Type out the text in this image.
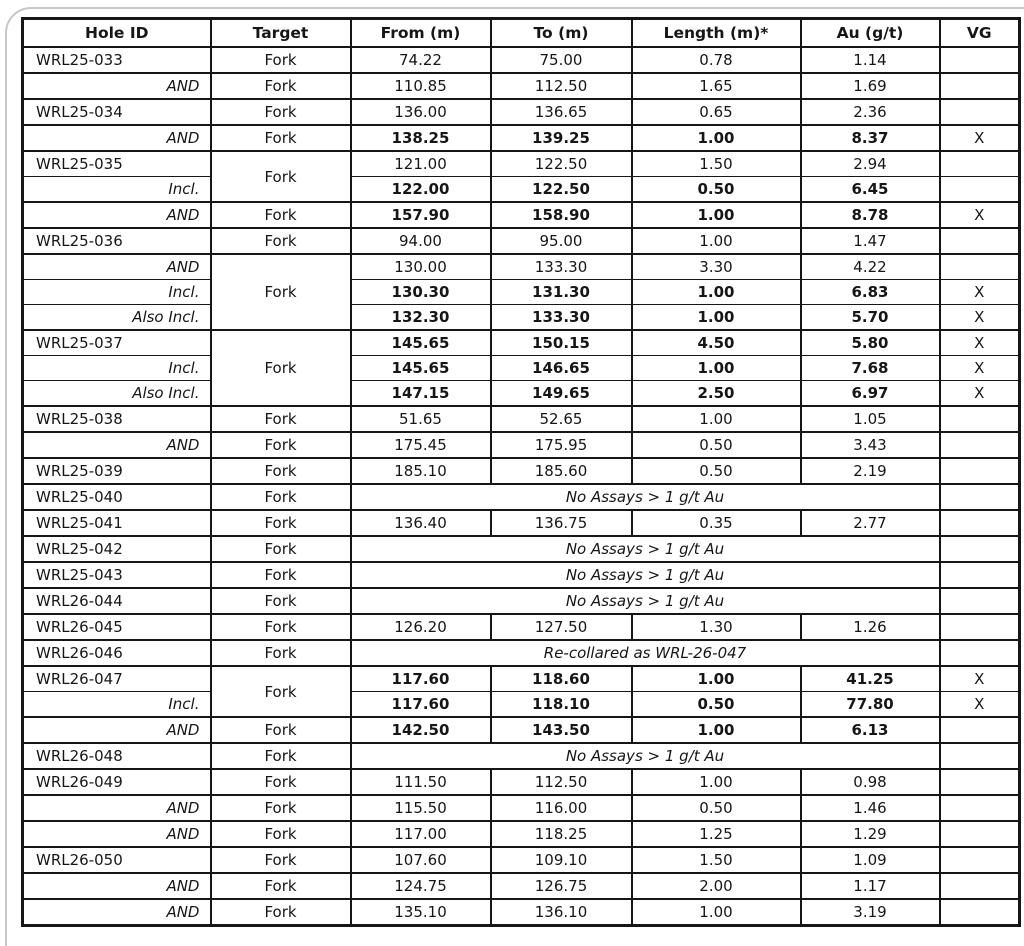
Hole ID	Target	From (m)	To (m)	Length (m)*	Au (g/t)	VG
WRL25-033	Fork	74.22	75.00	0.78	1.14	
AND	Fork	110.85	112.50	1.65	1.69	
WRL25-034	Fork	136.00	136.65	0.65	2.36	
AND	Fork	138.25	139.25	1.00	8.37	X
WRL25-035	Fork	121.00	122.50	1.50	2.94	
Incl.		122.00	122.50	0.50	6.45	
AND	Fork	157.90	158.90	1.00	8.78	X
WRL25-036	Fork	94.00	95.00	1.00	1.47	
AND	Fork	130.00	133.30	3.30	4.22	
Incl.		130.30	131.30	1.00	6.83	X
Also Incl.		132.30	133.30	1.00	5.70	X
WRL25-037	Fork	145.65	150.15	4.50	5.80	X
Incl.		145.65	146.65	1.00	7.68	X
Also Incl.		147.15	149.65	2.50	6.97	X
WRL25-038	Fork	51.65	52.65	1.00	1.05	
AND	Fork	175.45	175.95	0.50	3.43	
WRL25-039	Fork	185.10	185.60	0.50	2.19	
WRL25-040	Fork	No Assays > 1 g/t Au				
WRL25-041	Fork	136.40	136.75	0.35	2.77	
WRL25-042	Fork	No Assays > 1 g/t Au				
WRL25-043	Fork	No Assays > 1 g/t Au				
WRL26-044	Fork	No Assays > 1 g/t Au				
WRL26-045	Fork	126.20	127.50	1.30	1.26	
WRL26-046	Fork	Re-collared as WRL-26-047				
WRL26-047	Fork	117.60	118.60	1.00	41.25	X
Incl.		117.60	118.10	0.50	77.80	X
AND	Fork	142.50	143.50	1.00	6.13	
WRL26-048	Fork	No Assays > 1 g/t Au				
WRL26-049	Fork	111.50	112.50	1.00	0.98	
AND	Fork	115.50	116.00	0.50	1.46	
AND	Fork	117.00	118.25	1.25	1.29	
WRL26-050	Fork	107.60	109.10	1.50	1.09	
AND	Fork	124.75	126.75	2.00	1.17	
AND	Fork	135.10	136.10	1.00	3.19	
